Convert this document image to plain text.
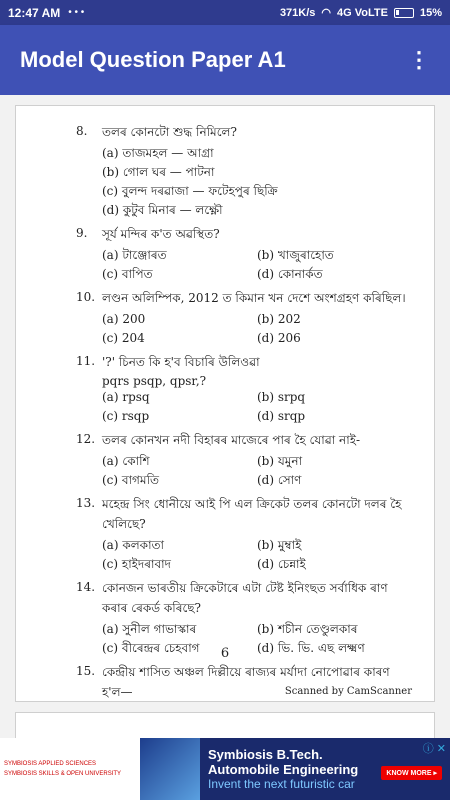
12:47 AM • • •	371K/s ◠ 4G VoLTE	15%
Model Question Paper A1	⋮
8.	তলৰ কোনটো শুদ্ধ নিমিলে?
(a) তাজমহল — আগ্ৰা
(b) গোল ঘৰ — পাটনা
(c) বুলন্দ দৰৱাজা — ফটেহপুৰ ছিক্ৰি
(d) কুটুব মিনাৰ — লক্ষ্ণৌ
9.	সূৰ্য মন্দিৰ ক'ত অৱস্থিত?
(a) টাঞ্জোৰত	(b) খাজুৰাহোত
(c) বাপিত	(d) কোনাৰ্কত
10. লণ্ডন অলিম্পিক, 2012 ত কিমান খন দেশে অংশগ্ৰহণ কৰিছিল।
(a) 200	(b) 202
(c) 204	(d) 206
11. '?' চিনত কি হ'ব বিচাৰি উলিওৱা
pqrs psqp, qpsr,?
(a) rpsq	(b) srpq
(c) rsqp	(d) srqp
12. তলৰ কোনখন নদী বিহাৰৰ মাজেৰে পাৰ হৈ যোৱা নাই-
(a) কোশি	(b) যমুনা
(c) বাগমতি	(d) সোণ
13. মহেন্দ্ৰ সিং ধোনীয়ে আই পি এল ক্ৰিকেট তলৰ কোনটো দলৰ হৈ খেলিছে?
(a) কলকাতা	(b) মুম্বাই
(c) হাইদৰাবাদ	(d) চেন্নাই
14. কোনজন ভাৰতীয় ক্ৰিকেটাৰে এটা টেষ্ট ইনিংছত সৰ্বাধিক ৰাণ কৰাৰ ৰেকৰ্ড কৰিছে?
(a) সুনীল গাভাস্কাৰ	(b) শচীন তেণ্ডুলকাৰ
(c) বীৰেন্দ্ৰৰ চেহবাগ	(d) ভি. ভি. এছ লক্ষ্মণ
15. কেন্দ্ৰীয় শাসিত অঞ্চল দিল্লীয়ে ৰাজ্যৰ মৰ্যাদা নোপোৱাৰ কাৰণ হ'ল—
6
Scanned by CamScanner
SYMBIOSIS APPLIED SCIENCES
SYMBIOSIS SKILLS & OPEN UNIVERSITY
Symbiosis B.Tech.
Automobile Engineering
Invent the next futuristic car
KNOW MORE ▸
ⓘ ✕
